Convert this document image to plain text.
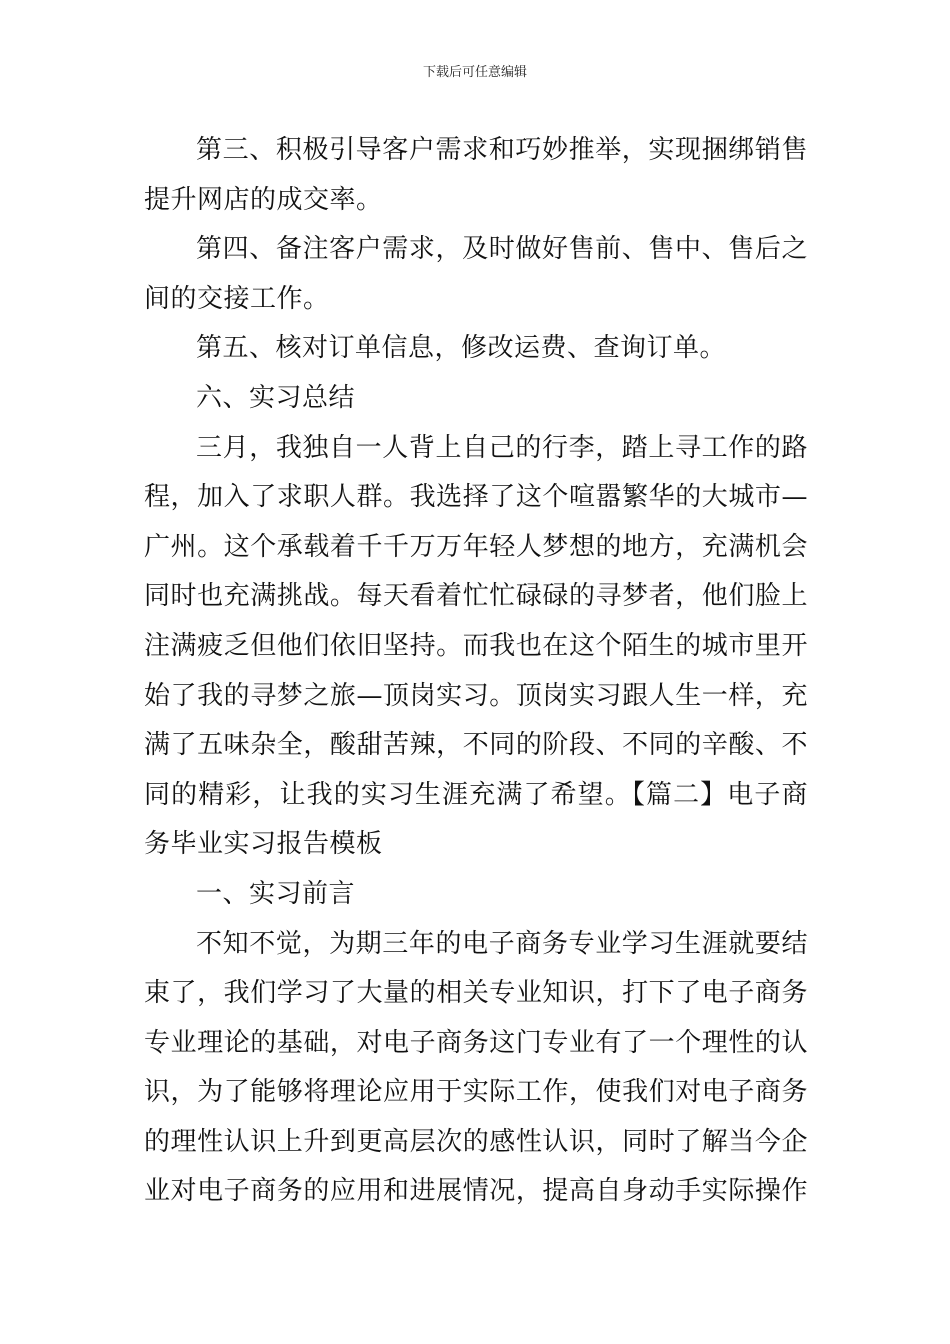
下载后可任意编辑
第三、积极引导客户需求和巧妙推举，实现捆绑销售
提升网店的成交率。
第四、备注客户需求，及时做好售前、售中、售后之
间的交接工作。
第五、核对订单信息，修改运费、查询订单。
六、实习总结
三月，我独自一人背上自己的行李，踏上寻工作的路
程，加入了求职人群。我选择了这个喧嚣繁华的大城市—
广州。这个承载着千千万万年轻人梦想的地方，充满机会
同时也充满挑战。每天看着忙忙碌碌的寻梦者，他们脸上
注满疲乏但他们依旧坚持。而我也在这个陌生的城市里开
始了我的寻梦之旅—顶岗实习。顶岗实习跟人生一样，充
满了五味杂全，酸甜苦辣，不同的阶段、不同的辛酸、不
同的精彩，让我的实习生涯充满了希望。【篇二】电子商
务毕业实习报告模板
一、实习前言
不知不觉，为期三年的电子商务专业学习生涯就要结
束了，我们学习了大量的相关专业知识，打下了电子商务
专业理论的基础，对电子商务这门专业有了一个理性的认
识，为了能够将理论应用于实际工作，使我们对电子商务
的理性认识上升到更高层次的感性认识，同时了解当今企
业对电子商务的应用和进展情况，提高自身动手实际操作
